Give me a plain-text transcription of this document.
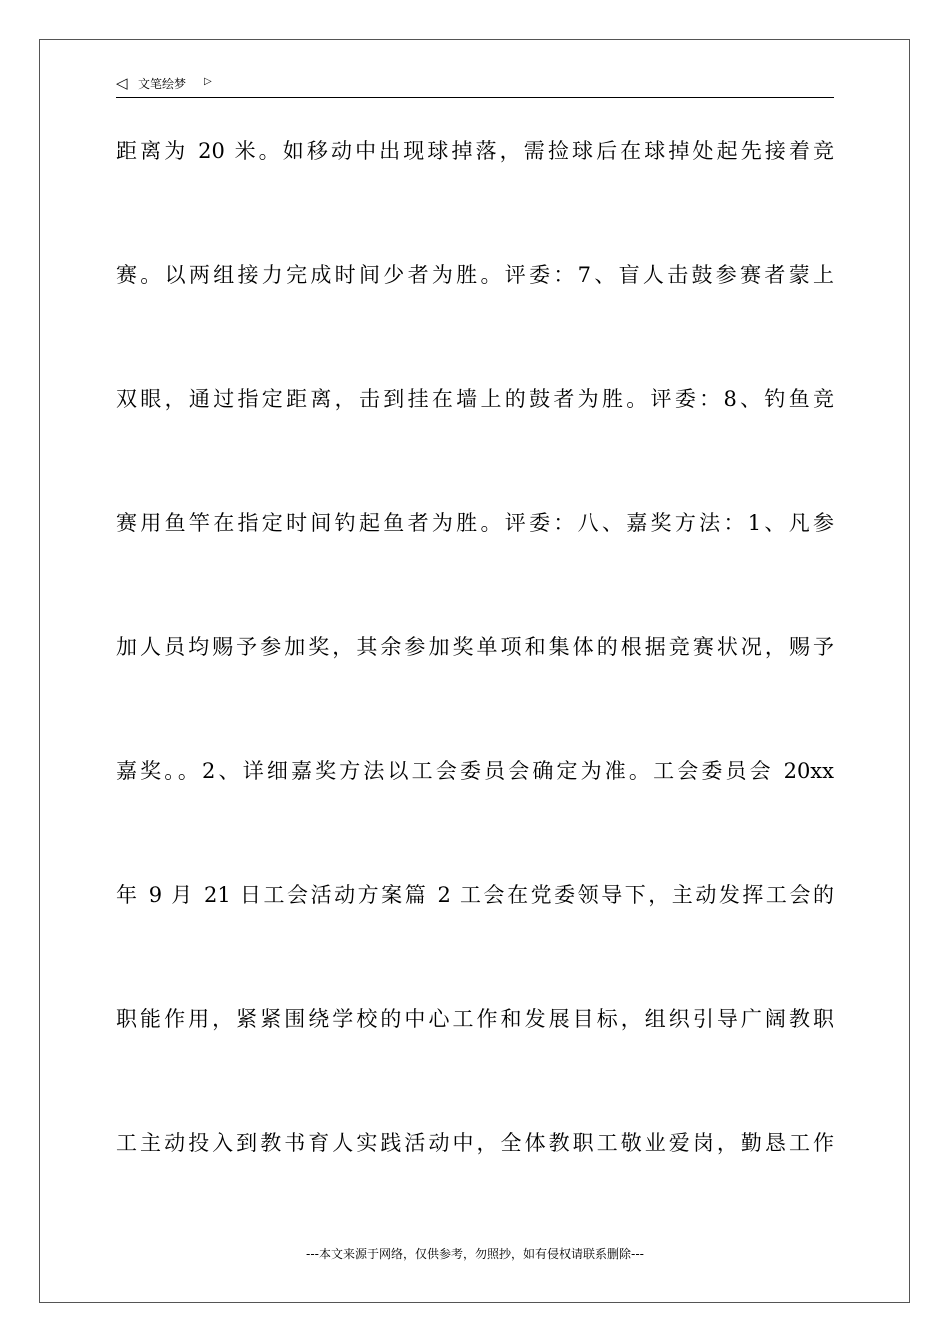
◁ 文笔绘梦 ▷
距离为 20 米。如移动中出现球掉落，需捡球后在球掉处起先接着竞
赛。以两组接力完成时间少者为胜。评委：7、盲人击鼓参赛者蒙上
双眼，通过指定距离，击到挂在墙上的鼓者为胜。评委：8、钓鱼竞
赛用鱼竿在指定时间钓起鱼者为胜。评委：八、嘉奖方法：1、凡参
加人员均赐予参加奖，其余参加奖单项和集体的根据竞赛状况，赐予
嘉奖。。2、详细嘉奖方法以工会委员会确定为准。工会委员会 20xx
年 9 月 21 日工会活动方案篇 2 工会在党委领导下，主动发挥工会的
职能作用，紧紧围绕学校的中心工作和发展目标，组织引导广阔教职
工主动投入到教书育人实践活动中，全体教职工敬业爱岗，勤恳工作
---本文来源于网络，仅供参考，勿照抄，如有侵权请联系删除---
